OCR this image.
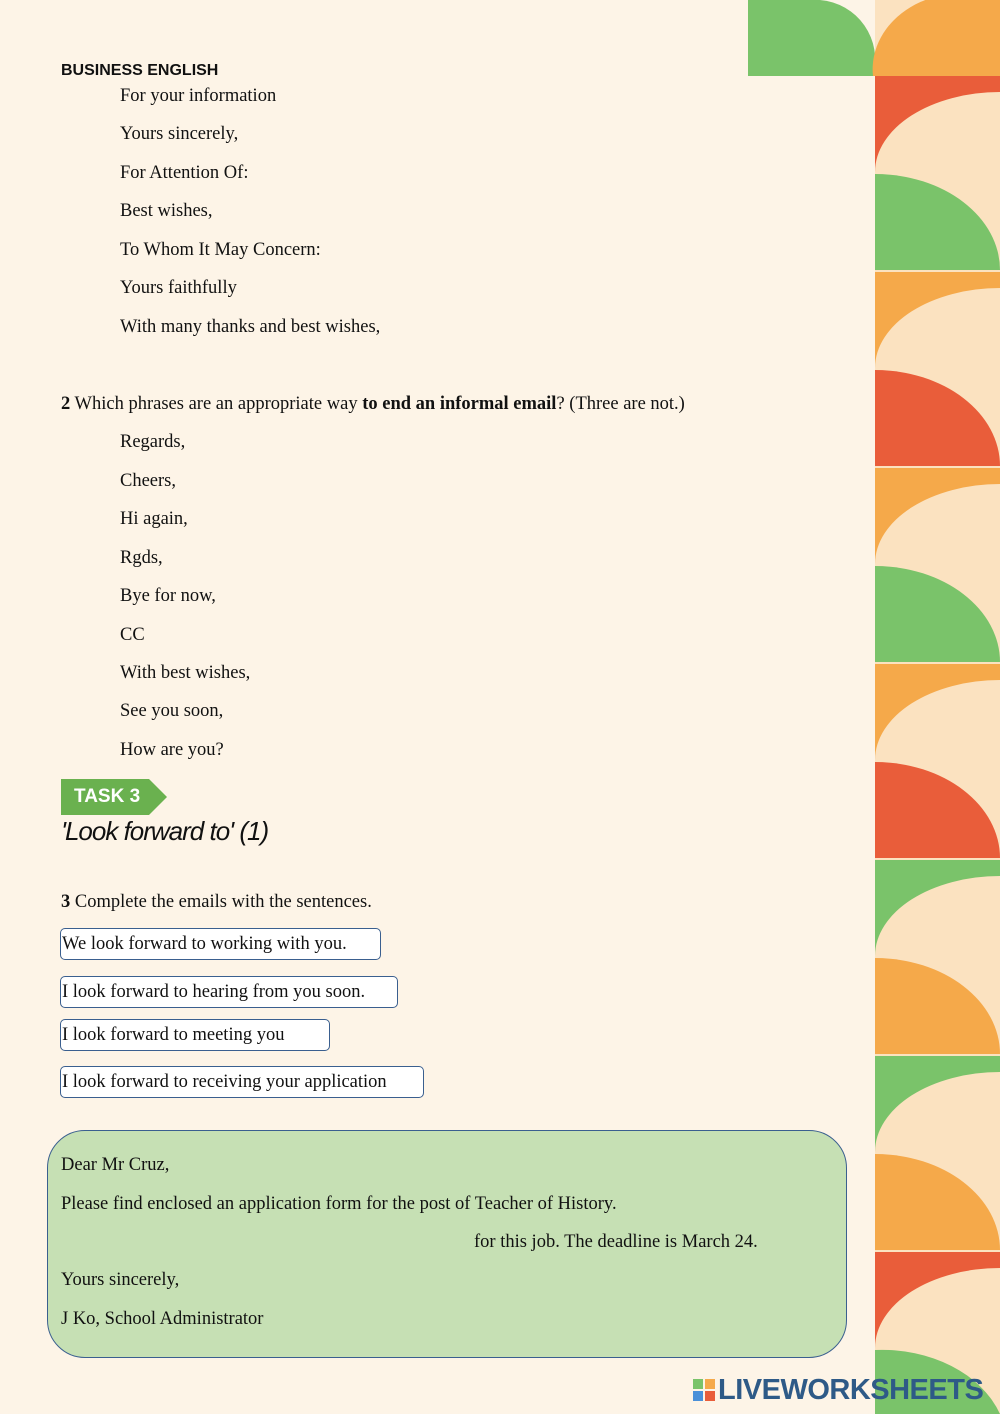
BUSINESS ENGLISH
For your information
Yours sincerely,
For Attention Of:
Best wishes,
To Whom It May Concern:
Yours faithfully
With many thanks and best wishes,
2 Which phrases are an appropriate way to end an informal email? (Three are not.)
Regards,
Cheers,
Hi again,
Rgds,
Bye for now,
CC
With best wishes,
See you soon,
How are you?
TASK 3
'Look forward to' (1)
3 Complete the emails with the sentences.
We look forward to working with you.
I look forward to hearing from you soon.
I look forward to meeting you
I look forward to receiving your application
Dear Mr Cruz,
Please find enclosed an application form for the post of Teacher of History.
for this job. The deadline is March 24.
Yours sincerely,
J Ko, School Administrator
LIVEWORKSHEETS
